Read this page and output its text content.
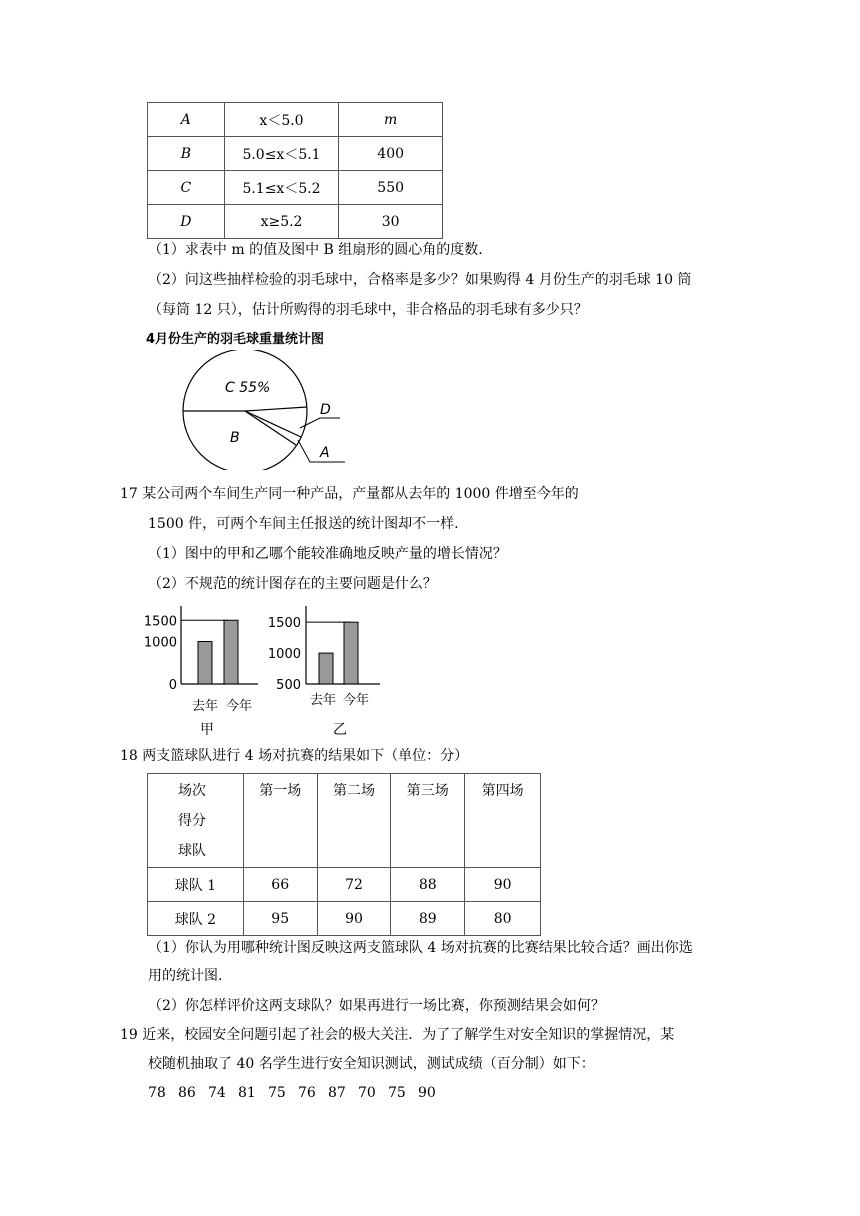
A	x＜5.0	m
B	5.0≤x＜5.1	400
C	5.1≤x＜5.2	550
D	x≥5.2	30
（1）求表中 m 的值及图中 B 组扇形的圆心角的度数.
（2）问这些抽样检验的羽毛球中，合格率是多少？如果购得 4 月份生产的羽毛球 10 筒
（每筒 12 只），估计所购得的羽毛球中，非合格品的羽毛球有多少只？
4月份生产的羽毛球重量统计图
C 55%
B
D
A
17 某公司两个车间生产同一种产品，产量都从去年的 1000 件增至今年的
1500 件，可两个车间主任报送的统计图却不一样.
（1）图中的甲和乙哪个能较准确地反映产量的增长情况？
（2）不规范的统计图存在的主要问题是什么？
1500
1000
0
去年 今年
甲
1500
1000
500
去年 今年
乙
18 两支篮球队进行 4 场对抗赛的结果如下（单位：分）
场次
得分
球队	第一场	第二场	第三场	第四场
球队 1	66	72	88	90
球队 2	95	90	89	80
（1）你认为用哪种统计图反映这两支篮球队 4 场对抗赛的比赛结果比较合适？画出你选
用的统计图.
（2）你怎样评价这两支球队？如果再进行一场比赛，你预测结果会如何？
19 近来，校园安全问题引起了社会的极大关注．为了了解学生对安全知识的掌握情况，某
校随机抽取了 40 名学生进行安全知识测试，测试成绩（百分制）如下：
78 86 74 81 75 76 87 70 75 90
